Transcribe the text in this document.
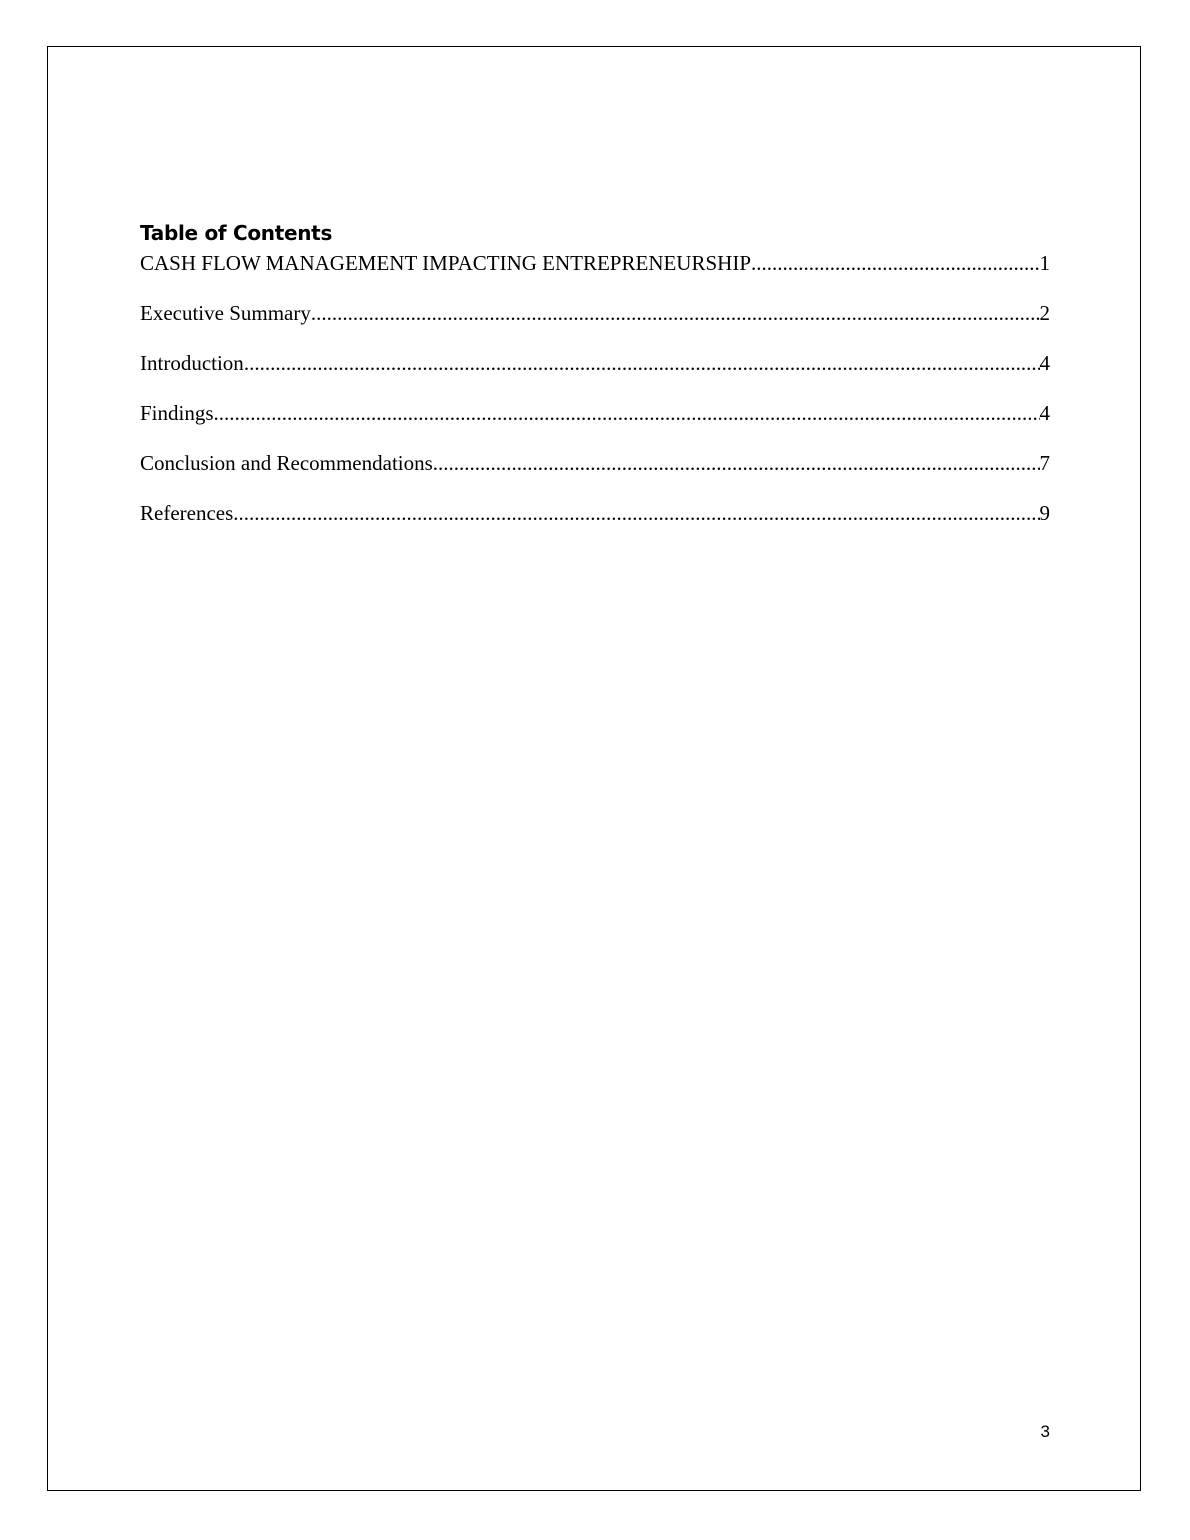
Table of Contents
CASH FLOW MANAGEMENT IMPACTING ENTREPRENEURSHIP .....	1
Executive Summary .....	2
Introduction .....	4
Findings .....	4
Conclusion and Recommendations .....	7
References .....	9
3
